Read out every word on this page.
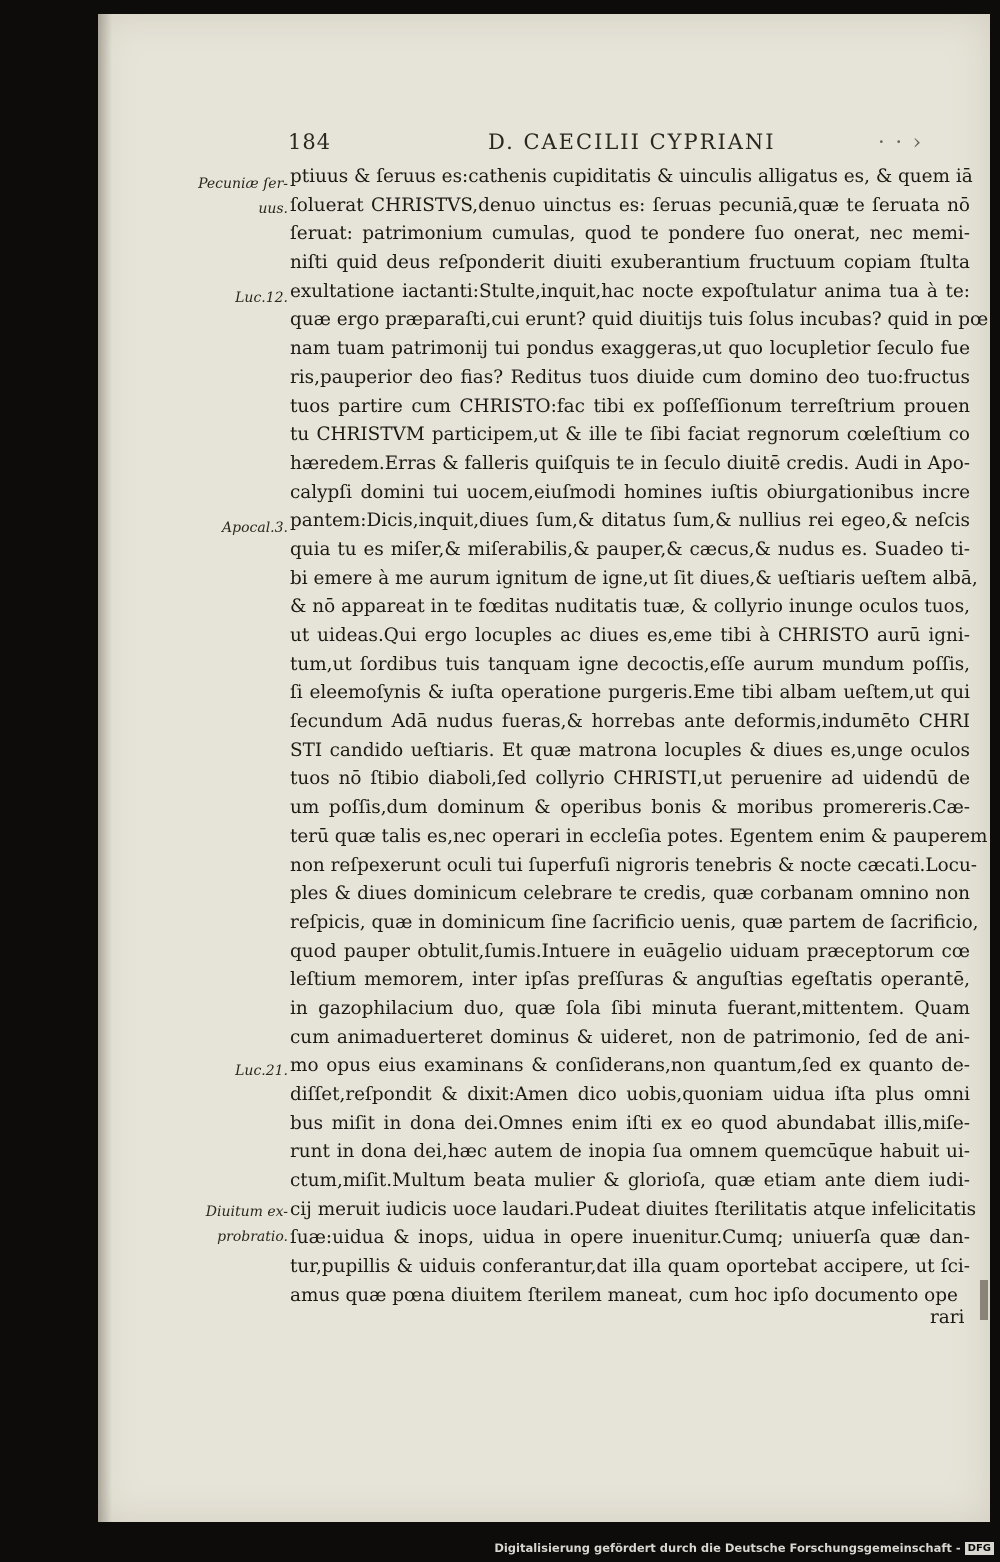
184	D. CAECILII CYPRIANI	· · ›
Pecuniæ ſer-
uus.
Luc.12.
Apocal.3.
Luc.21.
Diuitum ex-
probratio.
ptiuus & ſeruus es:cathenis cupiditatis & uinculis alligatus es, & quem iā
ſoluerat CHRISTVS,denuo uinctus es: ſeruas pecuniā,quæ te ſeruata nō
ſeruat: patrimonium cumulas, quod te pondere ſuo onerat, nec memi-
niſti quid deus reſponderit diuiti exuberantium fructuum copiam ſtulta
exultatione iactanti:Stulte,inquit,hac nocte expoſtulatur anima tua à te:
quæ ergo præparaſti,cui erunt? quid diuitijs tuis ſolus incubas? quid in pœ
nam tuam patrimonij tui pondus exaggeras,ut quo locupletior ſeculo fue
ris,pauperior deo fias? Reditus tuos diuide cum domino deo tuo:fructus
tuos partire cum CHRISTO:fac tibi ex poſſeſſionum terreſtrium prouen
tu CHRISTVM participem,ut & ille te ſibi faciat regnorum cœleſtium co
hæredem.Erras & falleris quiſquis te in ſeculo diuitē credis. Audi in Apo-
calypſi domini tui uocem,eiuſmodi homines iuſtis obiurgationibus incre
pantem:Dicis,inquit,diues ſum,& ditatus ſum,& nullius rei egeo,& neſcis
quia tu es miſer,& miſerabilis,& pauper,& cæcus,& nudus es. Suadeo ti-
bi emere à me aurum ignitum de igne,ut ſit diues,& ueſtiaris ueſtem albā,
& nō appareat in te fœditas nuditatis tuæ, & collyrio inunge oculos tuos,
ut uideas.Qui ergo locuples ac diues es,eme tibi à CHRISTO aurū igni-
tum,ut ſordibus tuis tanquam igne decoctis,eſſe aurum mundum poſſis,
ſi eleemoſynis & iuſta operatione purgeris.Eme tibi albam ueſtem,ut qui
ſecundum Adā nudus fueras,& horrebas ante deformis,indumēto CHRI
STI candido ueſtiaris. Et quæ matrona locuples & diues es,unge oculos
tuos nō ſtibio diaboli,ſed collyrio CHRISTI,ut peruenire ad uidendū de
um poſſis,dum dominum & operibus bonis & moribus promereris.Cæ-
terū quæ talis es,nec operari in eccleſia potes. Egentem enim & pauperem
non reſpexerunt oculi tui ſuperfuſi nigroris tenebris & nocte cæcati.Locu-
ples & diues dominicum celebrare te credis, quæ corbanam omnino non
reſpicis, quæ in dominicum ſine ſacrificio uenis, quæ partem de ſacrificio,
quod pauper obtulit,ſumis.Intuere in euāgelio uiduam præceptorum cœ
leſtium memorem, inter ipſas preſſuras & anguſtias egeſtatis operantē,
in gazophilacium duo, quæ ſola ſibi minuta fuerant,mittentem. Quam
cum animaduerteret dominus & uideret, non de patrimonio, ſed de ani-
mo opus eius examinans & conſiderans,non quantum,ſed ex quanto de-
diſſet,reſpondit & dixit:Amen dico uobis,quoniam uidua iſta plus omni
bus miſit in dona dei.Omnes enim iſti ex eo quod abundabat illis,miſe-
runt in dona dei,hæc autem de inopia ſua omnem quemcūque habuit ui-
ctum,miſit.Multum beata mulier & glorioſa, quæ etiam ante diem iudi-
cij meruit iudicis uoce laudari.Pudeat diuites ſterilitatis atque infelicitatis
ſuæ:uidua & inops, uidua in opere inuenitur.Cumq; uniuerſa quæ dan-
tur,pupillis & uiduis conferantur,dat illa quam oportebat accipere, ut ſci-
amus quæ pœna diuitem ſterilem maneat, cum hoc ipſo documento ope
rari
Digitalisierung gefördert durch die Deutsche Forschungsgemeinschaft - DFG
